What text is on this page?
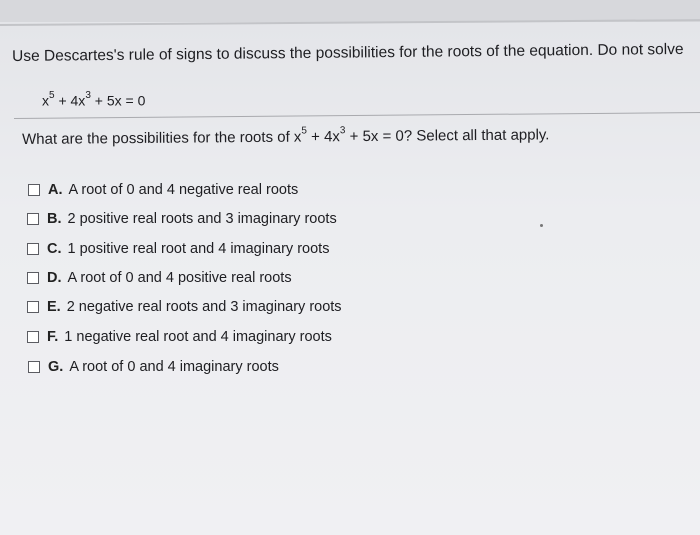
Use Descartes's rule of signs to discuss the possibilities for the roots of the equation. Do not solve
$x^5 + 4x^3 + 5x = 0$
What are the possibilities for the roots of $x^5 + 4x^3 + 5x = 0$? Select all that apply.
A. A root of 0 and 4 negative real roots
B. 2 positive real roots and 3 imaginary roots
C. 1 positive real root and 4 imaginary roots
D. A root of 0 and 4 positive real roots
E. 2 negative real roots and 3 imaginary roots
F. 1 negative real root and 4 imaginary roots
G. A root of 0 and 4 imaginary roots
